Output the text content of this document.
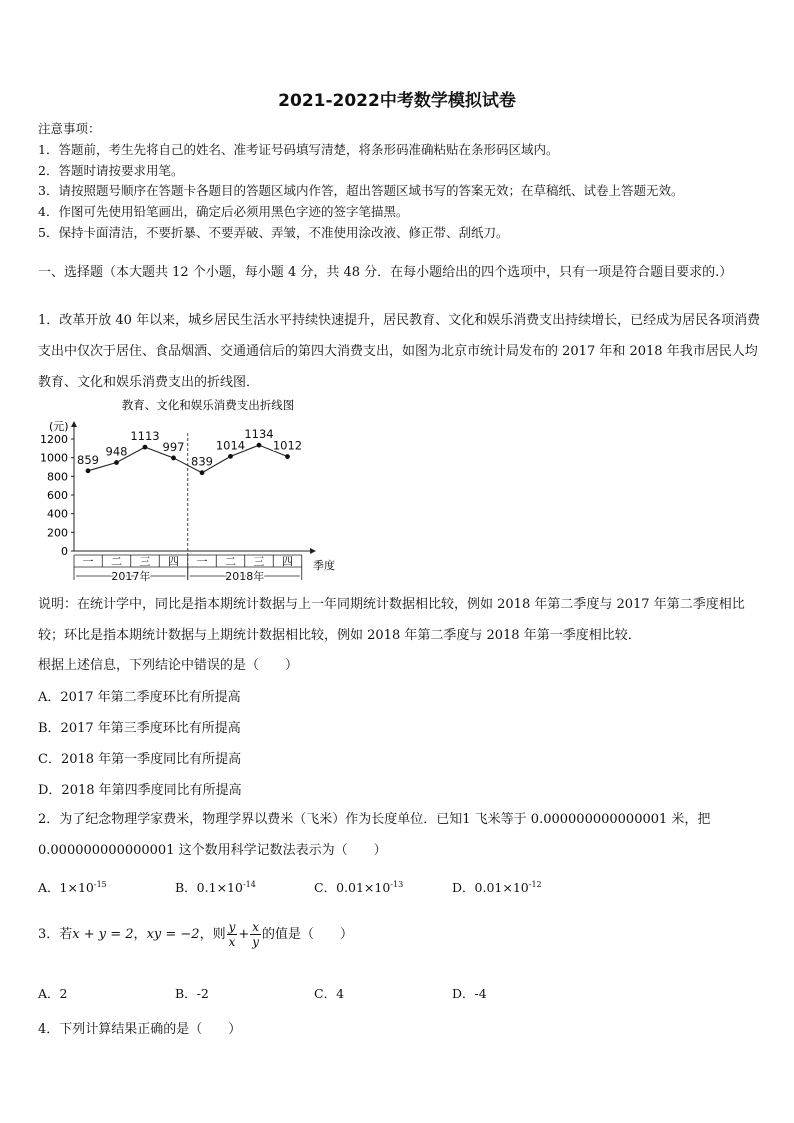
2021-2022中考数学模拟试卷
注意事项：
1．答题前，考生先将自己的姓名、准考证号码填写清楚，将条形码准确粘贴在条形码区域内。
2．答题时请按要求用笔。
3．请按照题号顺序在答题卡各题目的答题区域内作答，超出答题区域书写的答案无效；在草稿纸、试卷上答题无效。
4．作图可先使用铅笔画出，确定后必须用黑色字迹的签字笔描黑。
5．保持卡面清洁，不要折暴、不要弄破、弄皱，不准使用涂改液、修正带、刮纸刀。
一、选择题（本大题共 12 个小题，每小题 4 分，共 48 分．在每小题给出的四个选项中，只有一项是符合题目要求的.）
1．改革开放 40 年以来，城乡居民生活水平持续快速提升，居民教育、文化和娱乐消费支出持续增长，已经成为居民各项消费支出中仅次于居住、食品烟酒、交通通信后的第四大消费支出，如图为北京市统计局发布的 2017 年和 2018 年我市居民人均教育、文化和娱乐消费支出的折线图．
教育、文化和娱乐消费支出折线图
(元)
季度
0
200
400
600
800
1000
1200
一 二 三 四 一 二 三 四
2017年	2018年
859
948
1113
997
839
1014
1134
1012
说明：在统计学中，同比是指本期统计数据与上一年同期统计数据相比较，例如 2018 年第二季度与 2017 年第二季度相比较；环比是指本期统计数据与上期统计数据相比较，例如 2018 年第二季度与 2018 年第一季度相比较．
根据上述信息，下列结论中错误的是（　　）
A．2017 年第二季度环比有所提高
B．2017 年第三季度环比有所提高
C．2018 年第一季度同比有所提高
D．2018 年第四季度同比有所提高
2．为了纪念物理学家费米，物理学界以费米（飞米）作为长度单位．已知1 飞米等于 0.000000000000001 米，把 0.000000000000001 这个数用科学记数法表示为（　　）
A．$1\times 10^{-15}$	B．$0.1\times 10^{-14}$	C．$0.01\times 10^{-13}$	D．$0.01\times 10^{-12}$
3．若x + y = 2，xy = −2，则 $\frac{y}{x} + \frac{x}{y}$ 的值是（　　）
A．2	B．-2	C．4	D．-4
4．下列计算结果正确的是（　　）
